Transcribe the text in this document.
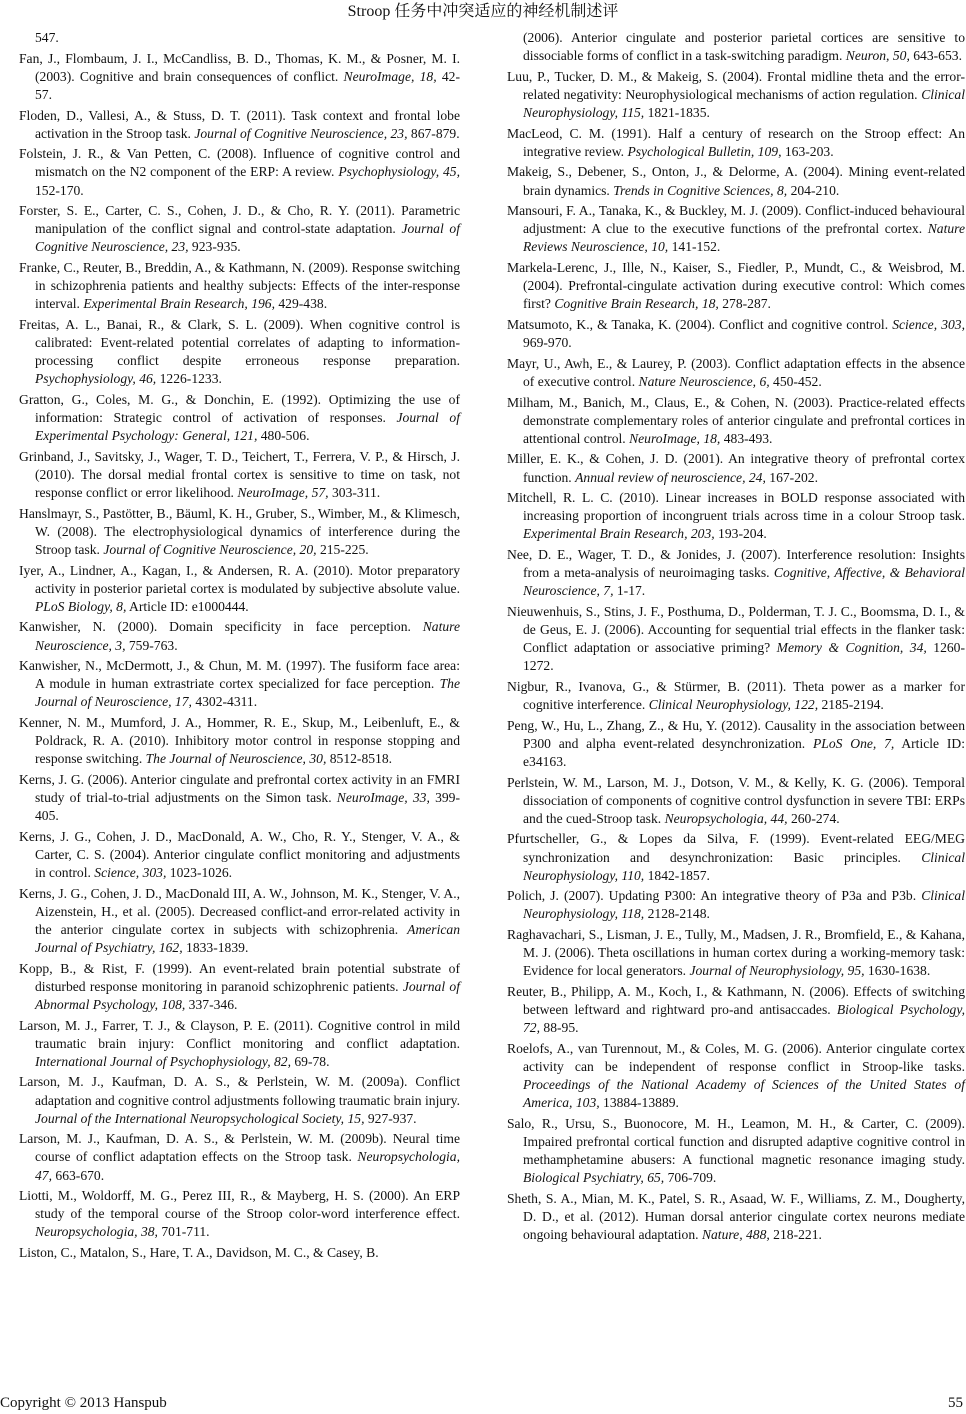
Stroop 任务中冲突适应的神经机制述评

547.

Fan, J., Flombaum, J. I., McCandliss, B. D., Thomas, K. M., & Posner, M. I. (2003). Cognitive and brain consequences of conflict. NeuroImage, 18, 42-57.

Floden, D., Vallesi, A., & Stuss, D. T. (2011). Task context and frontal lobe activation in the Stroop task. Journal of Cognitive Neuroscience, 23, 867-879.

Folstein, J. R., & Van Petten, C. (2008). Influence of cognitive control and mismatch on the N2 component of the ERP: A review. Psychophysiology, 45, 152-170.

Forster, S. E., Carter, C. S., Cohen, J. D., & Cho, R. Y. (2011). Parametric manipulation of the conflict signal and control-state adaptation. Journal of Cognitive Neuroscience, 23, 923-935.

Franke, C., Reuter, B., Breddin, A., & Kathmann, N. (2009). Response switching in schizophrenia patients and healthy subjects: Effects of the inter-response interval. Experimental Brain Research, 196, 429-438.

Freitas, A. L., Banai, R., & Clark, S. L. (2009). When cognitive control is calibrated: Event-related potential correlates of adapting to information-processing conflict despite erroneous response preparation. Psychophysiology, 46, 1226-1233.

Gratton, G., Coles, M. G., & Donchin, E. (1992). Optimizing the use of information: Strategic control of activation of responses. Journal of Experimental Psychology: General, 121, 480-506.

Grinband, J., Savitsky, J., Wager, T. D., Teichert, T., Ferrera, V. P., & Hirsch, J. (2010). The dorsal medial frontal cortex is sensitive to time on task, not response conflict or error likelihood. NeuroImage, 57, 303-311.

Hanslmayr, S., Pastötter, B., Bäuml, K. H., Gruber, S., Wimber, M., & Klimesch, W. (2008). The electrophysiological dynamics of interference during the Stroop task. Journal of Cognitive Neuroscience, 20, 215-225.

Iyer, A., Lindner, A., Kagan, I., & Andersen, R. A. (2010). Motor preparatory activity in posterior parietal cortex is modulated by subjective absolute value. PLoS Biology, 8, Article ID: e1000444.

Kanwisher, N. (2000). Domain specificity in face perception. Nature Neuroscience, 3, 759-763.

Kanwisher, N., McDermott, J., & Chun, M. M. (1997). The fusiform face area: A module in human extrastriate cortex specialized for face perception. The Journal of Neuroscience, 17, 4302-4311.

Kenner, N. M., Mumford, J. A., Hommer, R. E., Skup, M., Leibenluft, E., & Poldrack, R. A. (2010). Inhibitory motor control in response stopping and response switching. The Journal of Neuroscience, 30, 8512-8518.

Kerns, J. G. (2006). Anterior cingulate and prefrontal cortex activity in an FMRI study of trial-to-trial adjustments on the Simon task. NeuroImage, 33, 399-405.

Kerns, J. G., Cohen, J. D., MacDonald, A. W., Cho, R. Y., Stenger, V. A., & Carter, C. S. (2004). Anterior cingulate conflict monitoring and adjustments in control. Science, 303, 1023-1026.

Kerns, J. G., Cohen, J. D., MacDonald III, A. W., Johnson, M. K., Stenger, V. A., Aizenstein, H., et al. (2005). Decreased conflict-and error-related activity in the anterior cingulate cortex in subjects with schizophrenia. American Journal of Psychiatry, 162, 1833-1839.

Kopp, B., & Rist, F. (1999). An event-related brain potential substrate of disturbed response monitoring in paranoid schizophrenic patients. Journal of Abnormal Psychology, 108, 337-346.

Larson, M. J., Farrer, T. J., & Clayson, P. E. (2011). Cognitive control in mild traumatic brain injury: Conflict monitoring and conflict adaptation. International Journal of Psychophysiology, 82, 69-78.

Larson, M. J., Kaufman, D. A. S., & Perlstein, W. M. (2009a). Conflict adaptation and cognitive control adjustments following traumatic brain injury. Journal of the International Neuropsychological Society, 15, 927-937.

Larson, M. J., Kaufman, D. A. S., & Perlstein, W. M. (2009b). Neural time course of conflict adaptation effects on the Stroop task. Neuropsychologia, 47, 663-670.

Liotti, M., Woldorff, M. G., Perez III, R., & Mayberg, H. S. (2000). An ERP study of the temporal course of the Stroop color-word interference effect. Neuropsychologia, 38, 701-711.

Liston, C., Matalon, S., Hare, T. A., Davidson, M. C., & Casey, B.

(2006). Anterior cingulate and posterior parietal cortices are sensitive to dissociable forms of conflict in a task-switching paradigm. Neuron, 50, 643-653.

Luu, P., Tucker, D. M., & Makeig, S. (2004). Frontal midline theta and the error-related negativity: Neurophysiological mechanisms of action regulation. Clinical Neurophysiology, 115, 1821-1835.

MacLeod, C. M. (1991). Half a century of research on the Stroop effect: An integrative review. Psychological Bulletin, 109, 163-203.

Makeig, S., Debener, S., Onton, J., & Delorme, A. (2004). Mining event-related brain dynamics. Trends in Cognitive Sciences, 8, 204-210.

Mansouri, F. A., Tanaka, K., & Buckley, M. J. (2009). Conflict-induced behavioural adjustment: A clue to the executive functions of the prefrontal cortex. Nature Reviews Neuroscience, 10, 141-152.

Markela-Lerenc, J., Ille, N., Kaiser, S., Fiedler, P., Mundt, C., & Weisbrod, M. (2004). Prefrontal-cingulate activation during executive control: Which comes first? Cognitive Brain Research, 18, 278-287.

Matsumoto, K., & Tanaka, K. (2004). Conflict and cognitive control. Science, 303, 969-970.

Mayr, U., Awh, E., & Laurey, P. (2003). Conflict adaptation effects in the absence of executive control. Nature Neuroscience, 6, 450-452.

Milham, M., Banich, M., Claus, E., & Cohen, N. (2003). Practice-related effects demonstrate complementary roles of anterior cingulate and prefrontal cortices in attentional control. NeuroImage, 18, 483-493.

Miller, E. K., & Cohen, J. D. (2001). An integrative theory of prefrontal cortex function. Annual review of neuroscience, 24, 167-202.

Mitchell, R. L. C. (2010). Linear increases in BOLD response associated with increasing proportion of incongruent trials across time in a colour Stroop task. Experimental Brain Research, 203, 193-204.

Nee, D. E., Wager, T. D., & Jonides, J. (2007). Interference resolution: Insights from a meta-analysis of neuroimaging tasks. Cognitive, Affective, & Behavioral Neuroscience, 7, 1-17.

Nieuwenhuis, S., Stins, J. F., Posthuma, D., Polderman, T. J. C., Boomsma, D. I., & de Geus, E. J. (2006). Accounting for sequential trial effects in the flanker task: Conflict adaptation or associative priming? Memory & Cognition, 34, 1260-1272.

Nigbur, R., Ivanova, G., & Stürmer, B. (2011). Theta power as a marker for cognitive interference. Clinical Neurophysiology, 122, 2185-2194.

Peng, W., Hu, L., Zhang, Z., & Hu, Y. (2012). Causality in the association between P300 and alpha event-related desynchronization. PLoS One, 7, Article ID: e34163.

Perlstein, W. M., Larson, M. J., Dotson, V. M., & Kelly, K. G. (2006). Temporal dissociation of components of cognitive control dysfunction in severe TBI: ERPs and the cued-Stroop task. Neuropsychologia, 44, 260-274.

Pfurtscheller, G., & Lopes da Silva, F. (1999). Event-related EEG/MEG synchronization and desynchronization: Basic principles. Clinical Neurophysiology, 110, 1842-1857.

Polich, J. (2007). Updating P300: An integrative theory of P3a and P3b. Clinical Neurophysiology, 118, 2128-2148.

Raghavachari, S., Lisman, J. E., Tully, M., Madsen, J. R., Bromfield, E., & Kahana, M. J. (2006). Theta oscillations in human cortex during a working-memory task: Evidence for local generators. Journal of Neurophysiology, 95, 1630-1638.

Reuter, B., Philipp, A. M., Koch, I., & Kathmann, N. (2006). Effects of switching between leftward and rightward pro-and antisaccades. Biological Psychology, 72, 88-95.

Roelofs, A., van Turennout, M., & Coles, M. G. (2006). Anterior cingulate cortex activity can be independent of response conflict in Stroop-like tasks. Proceedings of the National Academy of Sciences of the United States of America, 103, 13884-13889.

Salo, R., Ursu, S., Buonocore, M. H., Leamon, M. H., & Carter, C. (2009). Impaired prefrontal cortical function and disrupted adaptive cognitive control in methamphetamine abusers: A functional magnetic resonance imaging study. Biological Psychiatry, 65, 706-709.

Sheth, S. A., Mian, M. K., Patel, S. R., Asaad, W. F., Williams, Z. M., Dougherty, D. D., et al. (2012). Human dorsal anterior cingulate cortex neurons mediate ongoing behavioural adaptation. Nature, 488, 218-221.

Copyright © 2013 Hanspub	55
